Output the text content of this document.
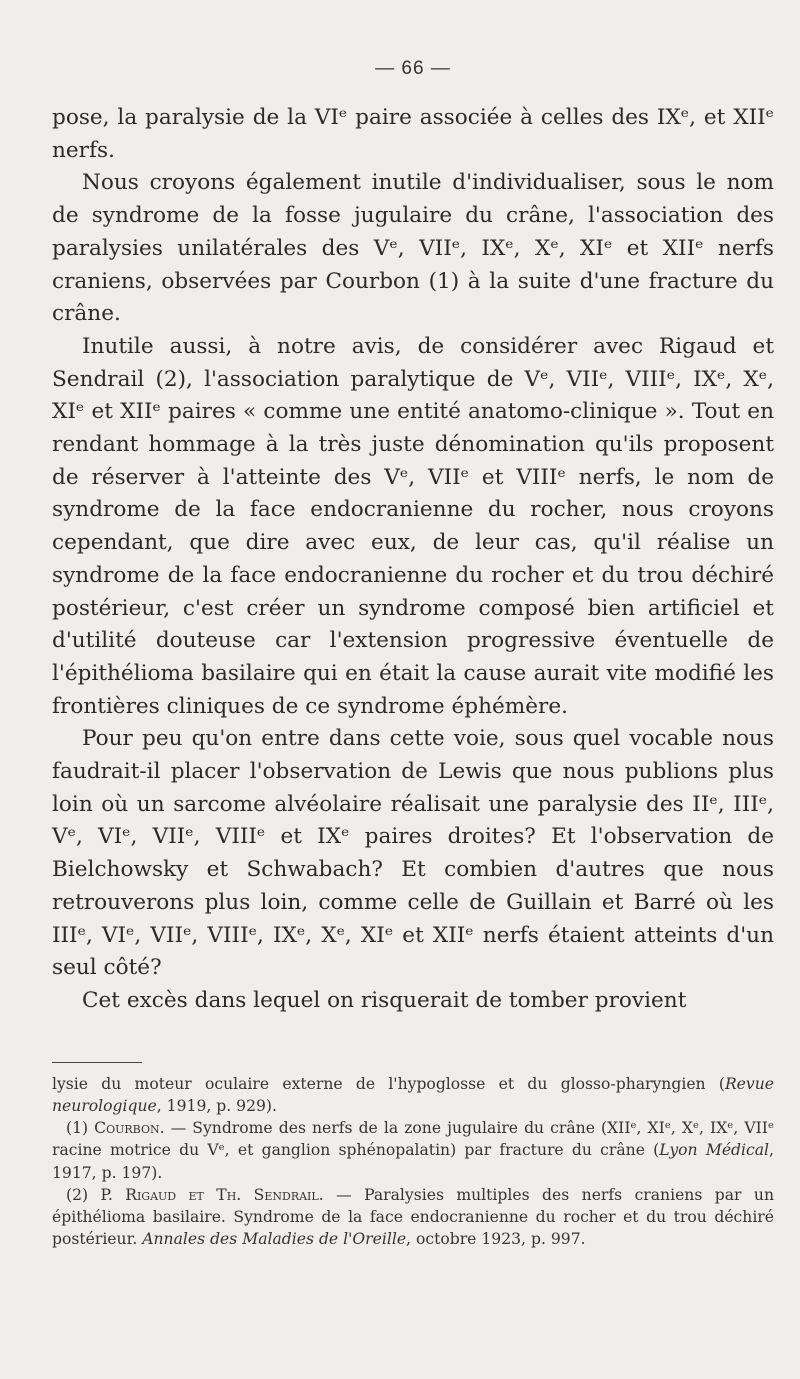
— 66 —

pose, la paralysie de la VIᵉ paire associée à celles des IXᵉ, et XIIᵉ nerfs.

Nous croyons également inutile d'individualiser, sous le nom de syndrome de la fosse jugulaire du crâne, l'association des paralysies unilatérales des Vᵉ, VIIᵉ, IXᵉ, Xᵉ, XIᵉ et XIIᵉ nerfs craniens, observées par Courbon (1) à la suite d'une fracture du crâne.

Inutile aussi, à notre avis, de considérer avec Rigaud et Sendrail (2), l'association paralytique de Vᵉ, VIIᵉ, VIIIᵉ, IXᵉ, Xᵉ, XIᵉ et XIIᵉ paires « comme une entité anatomo-clinique ». Tout en rendant hommage à la très juste dénomination qu'ils proposent de réserver à l'atteinte des Vᵉ, VIIᵉ et VIIIᵉ nerfs, le nom de syndrome de la face endocranienne du rocher, nous croyons cependant, que dire avec eux, de leur cas, qu'il réalise un syndrome de la face endocranienne du rocher et du trou déchiré postérieur, c'est créer un syndrome composé bien artificiel et d'utilité douteuse car l'extension progressive éventuelle de l'épithélioma basilaire qui en était la cause aurait vite modifié les frontières cliniques de ce syndrome éphémère.

Pour peu qu'on entre dans cette voie, sous quel vocable nous faudrait-il placer l'observation de Lewis que nous publions plus loin où un sarcome alvéolaire réalisait une paralysie des IIᵉ, IIIᵉ, Vᵉ, VIᵉ, VIIᵉ, VIIIᵉ et IXᵉ paires droites? Et l'observation de Bielchowsky et Schwabach? Et combien d'autres que nous retrouverons plus loin, comme celle de Guillain et Barré où les IIIᵉ, VIᵉ, VIIᵉ, VIIIᵉ, IXᵉ, Xᵉ, XIᵉ et XIIᵉ nerfs étaient atteints d'un seul côté?

Cet excès dans lequel on risquerait de tomber provient

lysie du moteur oculaire externe de l'hypoglosse et du glosso-pharyngien (Revue neurologique, 1919, p. 929).

(1) Courbon. — Syndrome des nerfs de la zone jugulaire du crâne (XIIᵉ, XIᵉ, Xᵉ, IXᵉ, VIIᵉ racine motrice du Vᵉ, et ganglion sphénopalatin) par fracture du crâne (Lyon Médical, 1917, p. 197).

(2) P. Rigaud et Th. Sendrail. — Paralysies multiples des nerfs craniens par un épithélioma basilaire. Syndrome de la face endocranienne du rocher et du trou déchiré postérieur. Annales des Maladies de l'Oreille, octobre 1923, p. 997.
